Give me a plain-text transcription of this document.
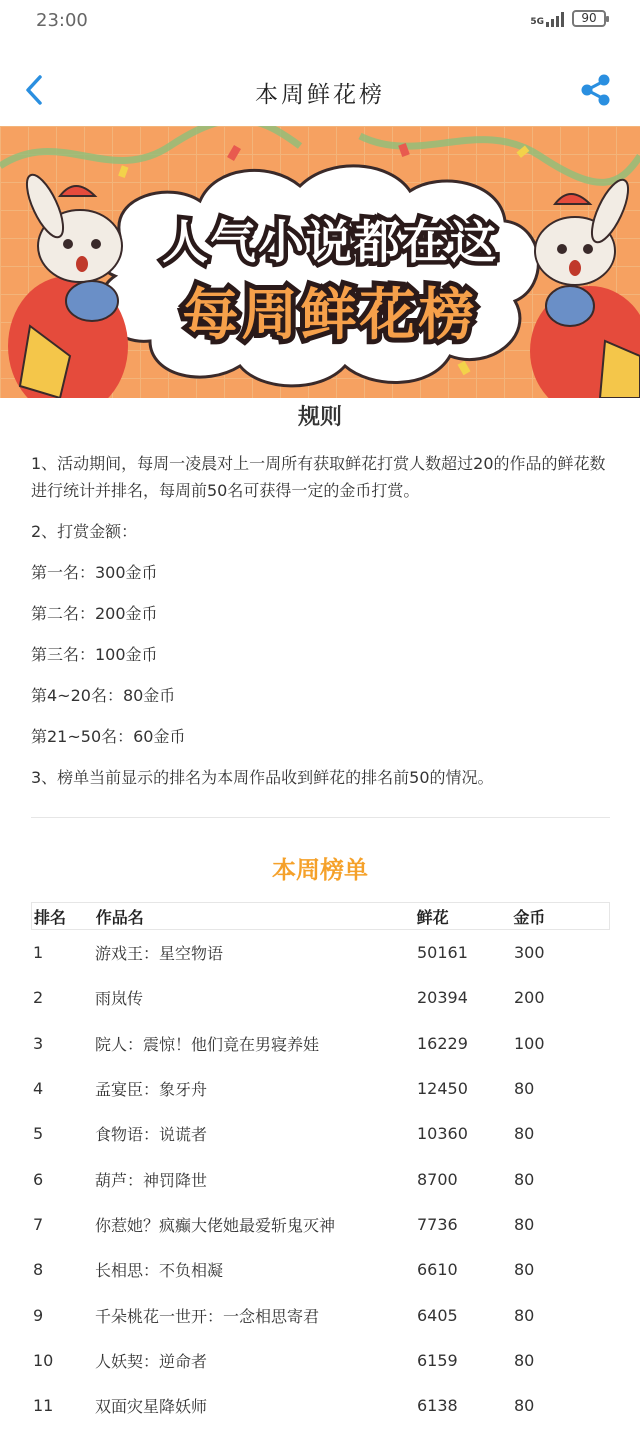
23:00	5G	90
本周鲜花榜
人气小说都在这
每周鲜花榜
规则
1、活动期间，每周一凌晨对上一周所有获取鲜花打赏人数超过20的作品的鲜花数进行统计并排名，每周前50名可获得一定的金币打赏。
2、打赏金额：
第一名：300金币
第二名：200金币
第三名：100金币
第4~20名：80金币
第21~50名：60金币
3、榜单当前显示的排名为本周作品收到鲜花的排名前50的情况。
本周榜单
排名	作品名	鲜花	金币
1	游戏王：星空物语	50161	300
2	雨岚传	20394	200
3	院人：震惊！他们竟在男寝养娃	16229	100
4	孟宴臣：象牙舟	12450	80
5	食物语：说谎者	10360	80
6	葫芦：神罚降世	8700	80
7	你惹她？疯癫大佬她最爱斩鬼灭神	7736	80
8	长相思：不负相凝	6610	80
9	千朵桃花一世开：一念相思寄君	6405	80
10	人妖契：逆命者	6159	80
11	双面灾星降妖师	6138	80
